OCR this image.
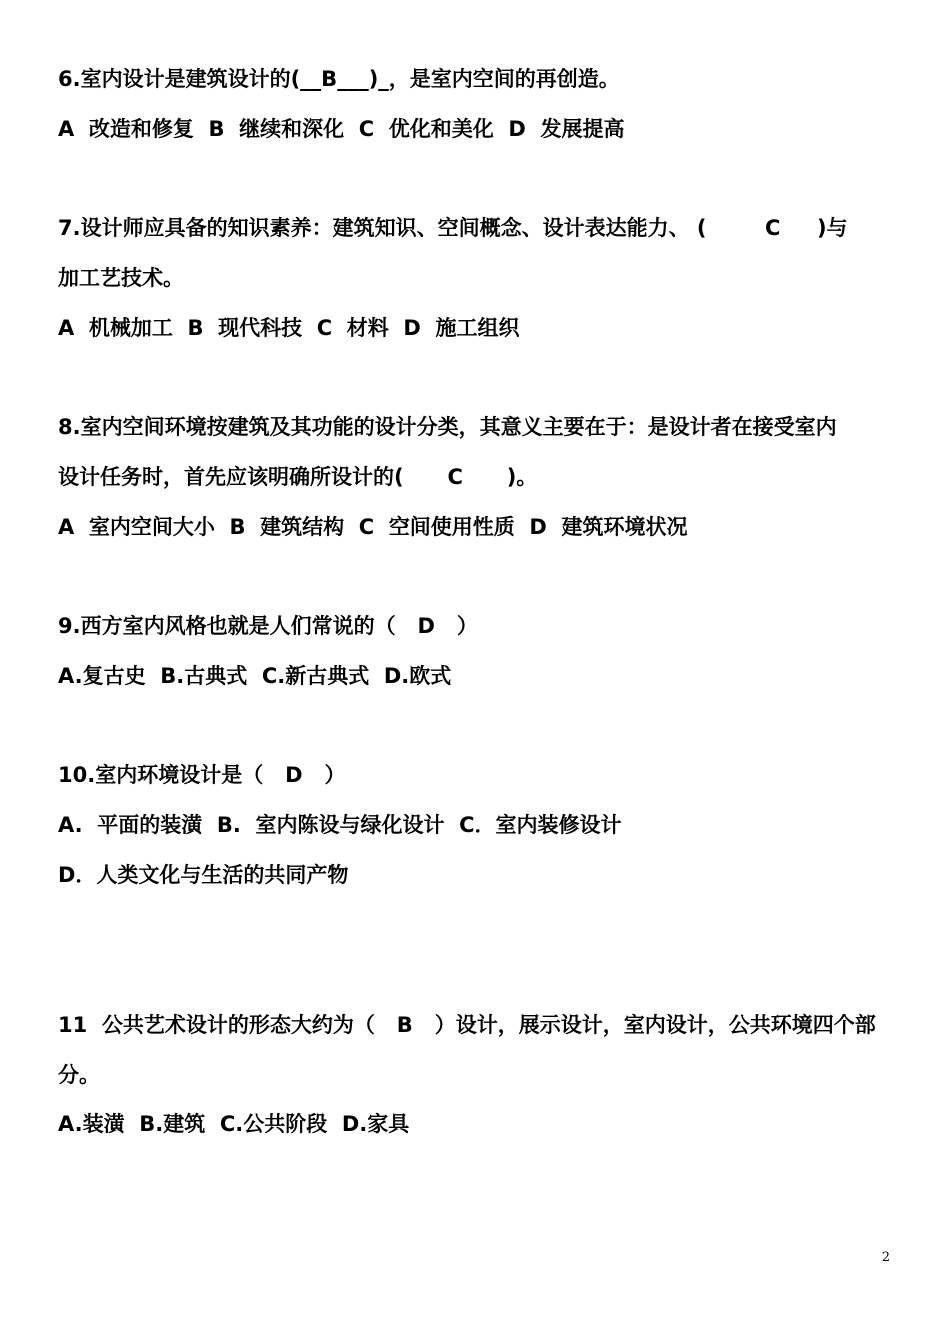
6.室内设计是建筑设计的(__B___)_，是室内空间的再创造。
A  改造和修复  B  继续和深化  C  优化和美化  D  发展提高
7.设计师应具备的知识素养：建筑知识、空间概念、设计表达能力、 (        C     )与
加工艺技术。
A  机械加工  B  现代科技  C  材料  D  施工组织
8.室内空间环境按建筑及其功能的设计分类，其意义主要在于：是设计者在接受室内
设计任务时，首先应该明确所设计的(      C      )。
A  室内空间大小  B  建筑结构  C  空间使用性质  D  建筑环境状况
9.西方室内风格也就是人们常说的（   D   ）
A.复古史  B.古典式  C.新古典式  D.欧式
10.室内环境设计是（   D   ）
A.  平面的装潢  B.  室内陈设与绿化设计  C．室内装修设计
D．人类文化与生活的共同产物
11  公共艺术设计的形态大约为（   B   ）设计，展示设计，室内设计，公共环境四个部
分。
A.装潢  B.建筑  C.公共阶段  D.家具
2
